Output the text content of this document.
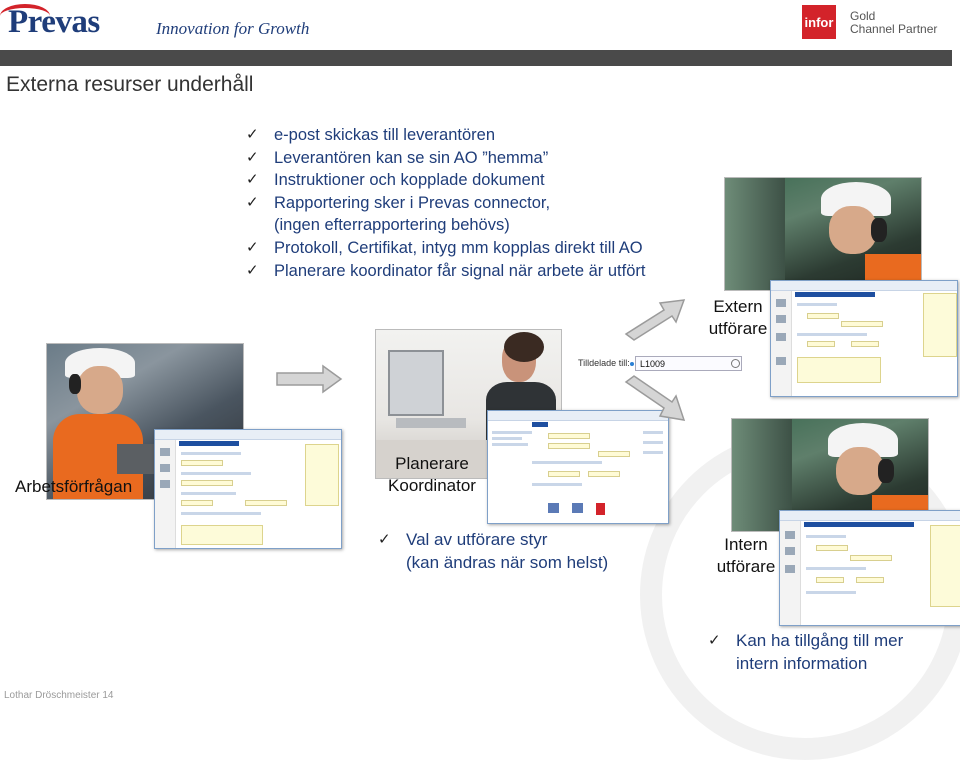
Prevas	Innovation for Growth	infor Gold
Channel Partner
Externa resurser underhåll
✓ e-post skickas till leverantören
✓ Leverantören kan se sin AO ”hemma”
✓ Instruktioner och kopplade dokument
✓ Rapportering sker i Prevas connector,
(ingen efterrapportering behövs)
✓ Protokoll, Certifikat, intyg mm kopplas direkt till AO
✓ Planerare koordinator får signal när arbete är utfört
Tilldelade till:	L1009
Arbetsförfrågan
Planerare
Koordinator
Extern
utförare
Intern
utförare
✓ Val av utförare styr
(kan ändras när som helst)
✓ Kan ha tillgång till mer
intern information
Lothar Dröschmeister 14
